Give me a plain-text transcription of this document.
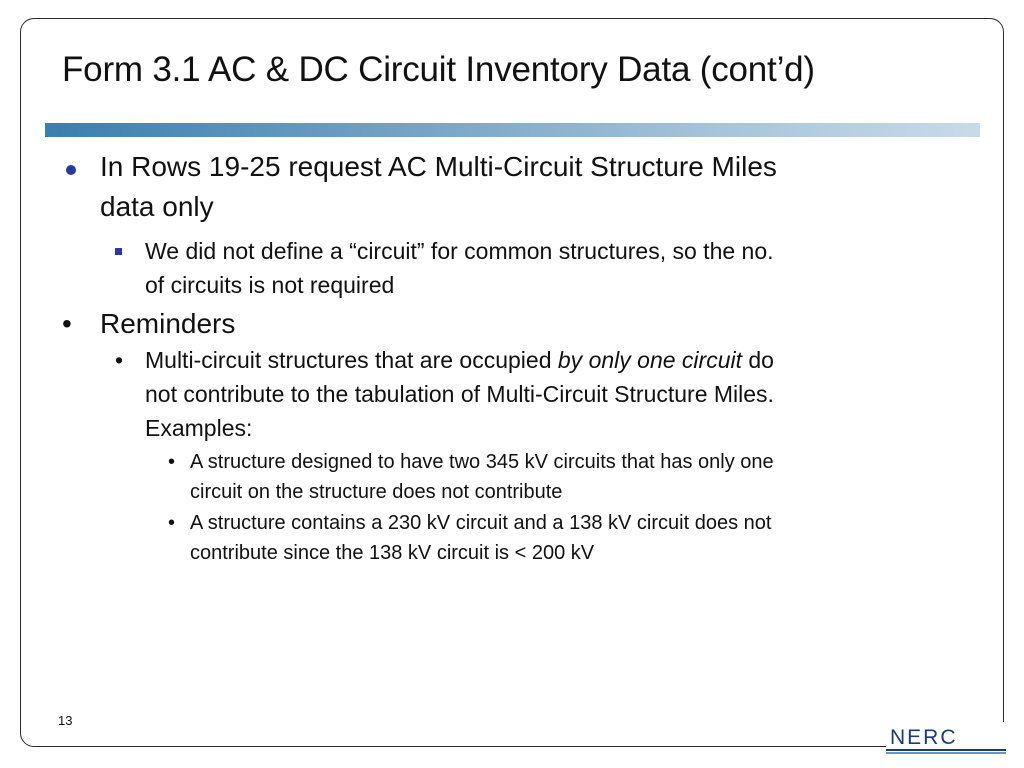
Form 3.1 AC & DC Circuit Inventory Data (cont’d)

In Rows 19-25 request AC Multi-Circuit Structure Miles

data only

We did not define a “circuit” for common structures, so the no.

of circuits is not required

• Reminders

• Multi-circuit structures that are occupied by only one circuit do

not contribute to the tabulation of Multi-Circuit Structure Miles.

Examples:

• A structure designed to have two 345 kV circuits that has only one

circuit on the structure does not contribute

• A structure contains a 230 kV circuit and a 138 kV circuit does not

contribute since the 138 kV circuit is < 200 kV

13
NERC
